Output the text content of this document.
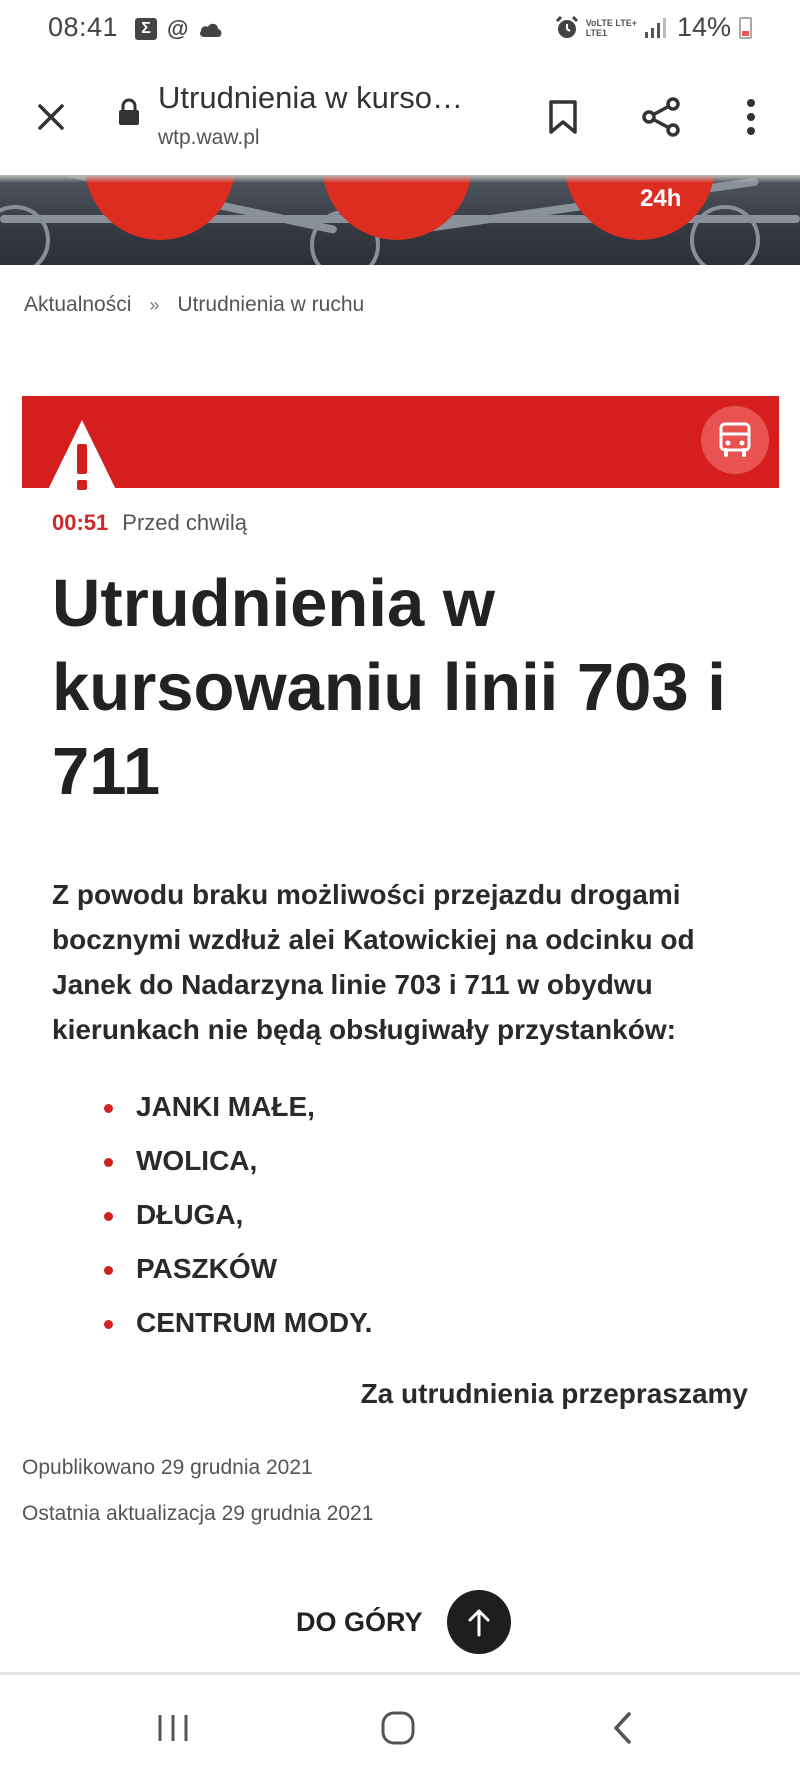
08:41	Σ @	VoLTE LTE+
LTE1	14%
Utrudnienia w kurso…
wtp.waw.pl
24h
Aktualności » Utrudnienia w ruchu
00:51 Przed chwilą
Utrudnienia w kursowaniu linii 703 i 711

Z powodu braku możliwości przejazdu drogami bocznymi wzdłuż alei Katowickiej na odcinku od Janek do Nadarzyna linie 703 i 711 w obydwu kierunkach nie będą obsługiwały przystanków:

JANKI MAŁE,
WOLICA,
DŁUGA,
PASZKÓW
CENTRUM MODY.

Za utrudnienia przepraszamy

Opublikowano 29 grudnia 2021

Ostatnia aktualizacja 29 grudnia 2021

DO GÓRY
